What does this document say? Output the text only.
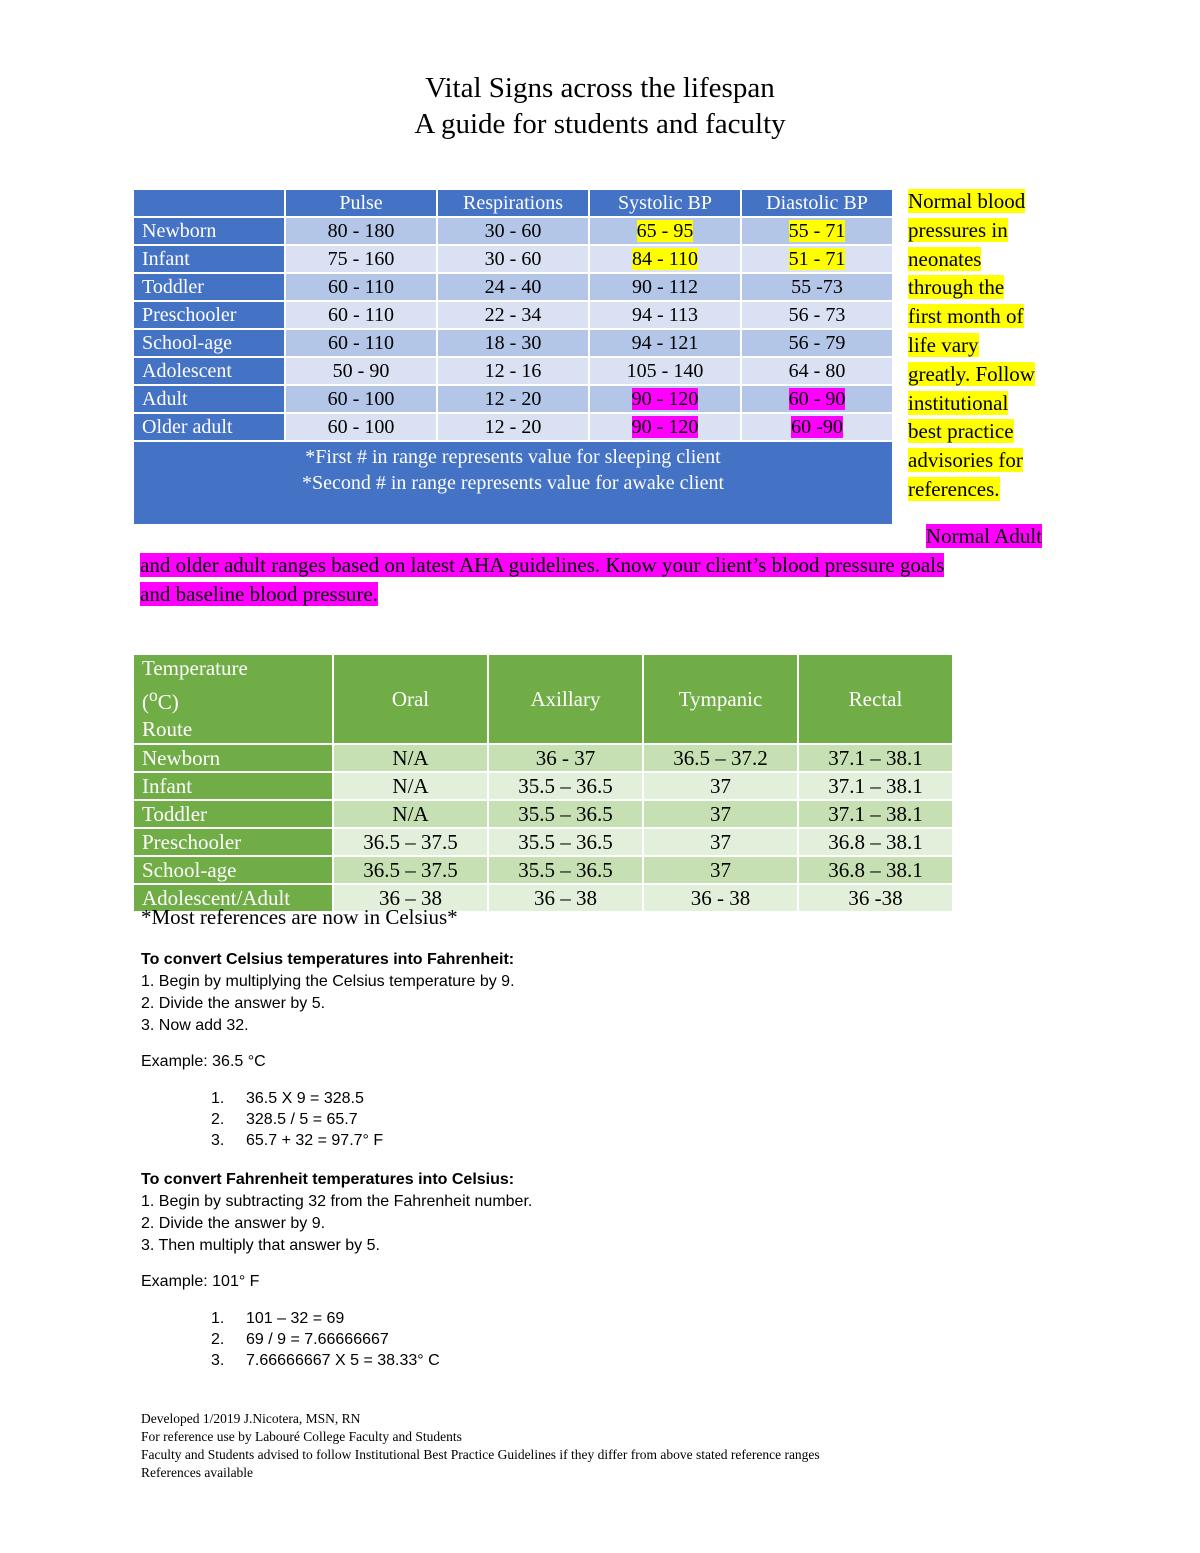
Vital Signs across the lifespan
A guide for students and faculty
	Pulse	Respirations	Systolic BP	Diastolic BP
Newborn	80 - 180	30 - 60	65 - 95	55 - 71
Infant	75 - 160	30 - 60	84 - 110	51 - 71
Toddler	60 - 110	24 - 40	90 - 112	55 -73
Preschooler	60 - 110	22 - 34	94 - 113	56 - 73
School-age	60 - 110	18 - 30	94 - 121	56 - 79
Adolescent	50 - 90	12 - 16	105 - 140	64 - 80
Adult	60 - 100	12 - 20	90 - 120	60 - 90
Older adult	60 - 100	12 - 20	90 - 120	60 -90

*First # in range represents value for sleeping client
*Second # in range represents value for awake client				
Normal blood
pressures in
neonates
through the
first month of
life vary
greatly. Follow
institutional
best practice
advisories for
references.
Normal Adult
and older adult ranges based on latest AHA guidelines. Know your client’s blood pressure goals
and baseline blood pressure.
Temperature
($^o$C)
Route	Oral	Axillary	Tympanic	Rectal
Newborn	N/A	36 - 37	36.5 – 37.2	37.1 – 38.1
Infant	N/A	35.5 – 36.5	37	37.1 – 38.1
Toddler	N/A	35.5 – 36.5	37	37.1 – 38.1
Preschooler	36.5 – 37.5	35.5 – 36.5	37	36.8 – 38.1
School-age	36.5 – 37.5	35.5 – 36.5	37	36.8 – 38.1
Adolescent/Adult	36 – 38	36 – 38	36 - 38	36 -38
*Most references are now in Celsius*
To convert Celsius temperatures into Fahrenheit:
1. Begin by multiplying the Celsius temperature by 9.
2. Divide the answer by 5.
3. Now add 32.
Example: 36.5 °C
1. 36.5 X 9 = 328.5
2. 328.5 / 5 = 65.7
3. 65.7 + 32 = 97.7° F
To convert Fahrenheit temperatures into Celsius:
1. Begin by subtracting 32 from the Fahrenheit number.
2. Divide the answer by 9.
3. Then multiply that answer by 5.
Example: 101° F
1. 101 – 32 = 69
2. 69 / 9 = 7.66666667
3. 7.66666667 X 5 = 38.33° C
Developed 1/2019 J.Nicotera, MSN, RN
For reference use by Labouré College Faculty and Students
Faculty and Students advised to follow Institutional Best Practice Guidelines if they differ from above stated reference ranges
References available
